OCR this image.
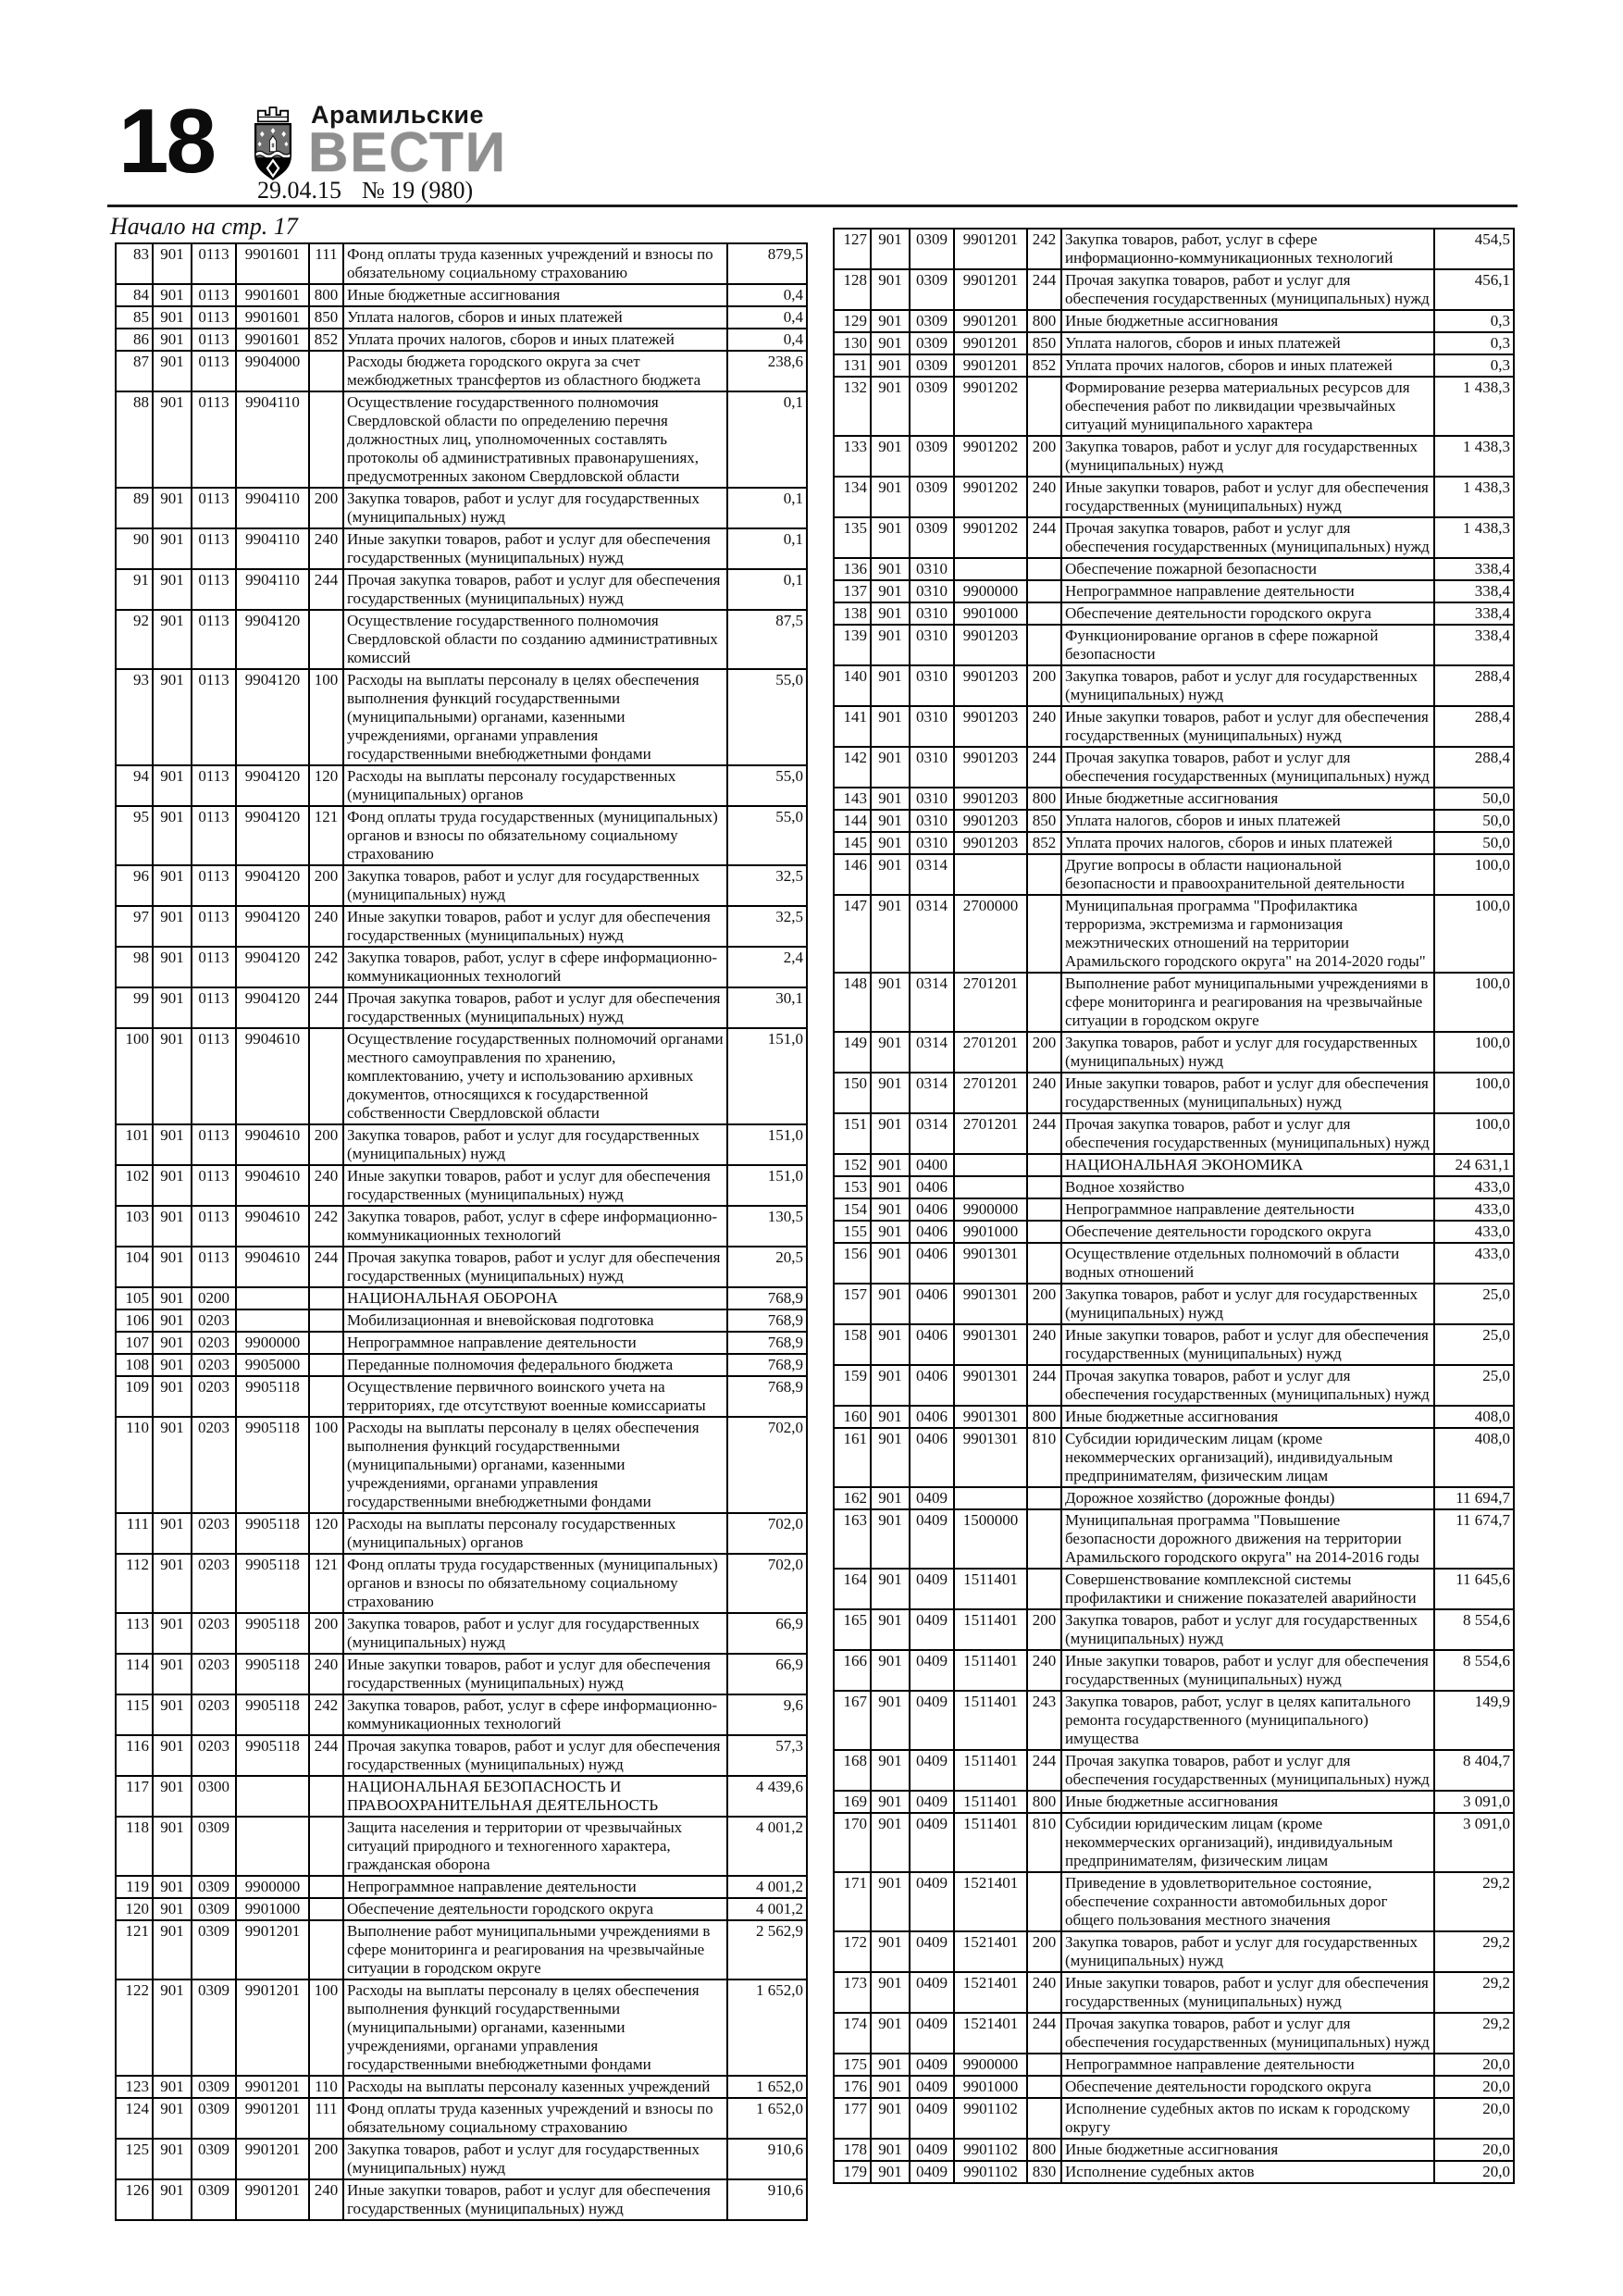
18	Арамильские
ВЕСТИ
29.04.15 № 19 (980)
Начало на стр. 17
83	901	0113	9901601	111	Фонд оплаты труда казенных учреждений и взносы по обязательному социальному страхованию	879,5
84	901	0113	9901601	800	Иные бюджетные ассигнования	0,4
85	901	0113	9901601	850	Уплата налогов, сборов и иных платежей	0,4
86	901	0113	9901601	852	Уплата прочих налогов, сборов и иных платежей	0,4
87	901	0113	9904000		Расходы бюджета городского округа за счет межбюджетных трансфертов из областного бюджета	238,6
88	901	0113	9904110		Осуществление государственного полномочия Свердловской области по определению перечня должностных лиц, уполномоченных составлять протоколы об административных правонарушениях, предусмотренных законом Свердловской области	0,1
89	901	0113	9904110	200	Закупка товаров, работ и услуг для государственных (муниципальных) нужд	0,1
90	901	0113	9904110	240	Иные закупки товаров, работ и услуг для обеспечения государственных (муниципальных) нужд	0,1
91	901	0113	9904110	244	Прочая закупка товаров, работ и услуг для обеспечения государственных (муниципальных) нужд	0,1
92	901	0113	9904120		Осуществление государственного полномочия Свердловской области по созданию административных комиссий	87,5
93	901	0113	9904120	100	Расходы на выплаты персоналу в целях обеспечения выполнения функций государственными (муниципальными) органами, казенными учреждениями, органами управления государственными внебюджетными фондами	55,0
94	901	0113	9904120	120	Расходы на выплаты персоналу государственных (муниципальных) органов	55,0
95	901	0113	9904120	121	Фонд оплаты труда государственных (муниципальных) органов и взносы по обязательному социальному страхованию	55,0
96	901	0113	9904120	200	Закупка товаров, работ и услуг для государственных (муниципальных) нужд	32,5
97	901	0113	9904120	240	Иные закупки товаров, работ и услуг для обеспечения государственных (муниципальных) нужд	32,5
98	901	0113	9904120	242	Закупка товаров, работ, услуг в сфере информационно-коммуникационных технологий	2,4
99	901	0113	9904120	244	Прочая закупка товаров, работ и услуг для обеспечения государственных (муниципальных) нужд	30,1
100	901	0113	9904610		Осуществление государственных полномочий органами местного самоуправления по хранению, комплектованию, учету и использованию архивных документов, относящихся к государственной собственности Свердловской области	151,0
101	901	0113	9904610	200	Закупка товаров, работ и услуг для государственных (муниципальных) нужд	151,0
102	901	0113	9904610	240	Иные закупки товаров, работ и услуг для обеспечения государственных (муниципальных) нужд	151,0
103	901	0113	9904610	242	Закупка товаров, работ, услуг в сфере информационно-коммуникационных технологий	130,5
104	901	0113	9904610	244	Прочая закупка товаров, работ и услуг для обеспечения государственных (муниципальных) нужд	20,5
105	901	0200			НАЦИОНАЛЬНАЯ ОБОРОНА	768,9
106	901	0203			Мобилизационная и вневойсковая подготовка	768,9
107	901	0203	9900000		Непрограммное направление деятельности	768,9
108	901	0203	9905000		Переданные полномочия федерального бюджета	768,9
109	901	0203	9905118		Осуществление первичного воинского учета на территориях, где отсутствуют военные комиссариаты	768,9
110	901	0203	9905118	100	Расходы на выплаты персоналу в целях обеспечения выполнения функций государственными (муниципальными) органами, казенными учреждениями, органами управления государственными внебюджетными фондами	702,0
111	901	0203	9905118	120	Расходы на выплаты персоналу государственных (муниципальных) органов	702,0
112	901	0203	9905118	121	Фонд оплаты труда государственных (муниципальных) органов и взносы по обязательному социальному страхованию	702,0
113	901	0203	9905118	200	Закупка товаров, работ и услуг для государственных (муниципальных) нужд	66,9
114	901	0203	9905118	240	Иные закупки товаров, работ и услуг для обеспечения государственных (муниципальных) нужд	66,9
115	901	0203	9905118	242	Закупка товаров, работ, услуг в сфере информационно-коммуникационных технологий	9,6
116	901	0203	9905118	244	Прочая закупка товаров, работ и услуг для обеспечения государственных (муниципальных) нужд	57,3
117	901	0300			НАЦИОНАЛЬНАЯ БЕЗОПАСНОСТЬ И ПРАВООХРАНИТЕЛЬНАЯ ДЕЯТЕЛЬНОСТЬ	4 439,6
118	901	0309			Защита населения и территории от чрезвычайных ситуаций природного и техногенного характера, гражданская оборона	4 001,2
119	901	0309	9900000		Непрограммное направление деятельности	4 001,2
120	901	0309	9901000		Обеспечение деятельности городского округа	4 001,2
121	901	0309	9901201		Выполнение работ муниципальными учреждениями в сфере мониторинга и реагирования на чрезвычайные ситуации в городском округе	2 562,9
122	901	0309	9901201	100	Расходы на выплаты персоналу в целях обеспечения выполнения функций государственными (муниципальными) органами, казенными учреждениями, органами управления государственными внебюджетными фондами	1 652,0
123	901	0309	9901201	110	Расходы на выплаты персоналу казенных учреждений	1 652,0
124	901	0309	9901201	111	Фонд оплаты труда казенных учреждений и взносы по обязательному социальному страхованию	1 652,0
125	901	0309	9901201	200	Закупка товаров, работ и услуг для государственных (муниципальных) нужд	910,6
126	901	0309	9901201	240	Иные закупки товаров, работ и услуг для обеспечения государственных (муниципальных) нужд	910,6
127	901	0309	9901201	242	Закупка товаров, работ, услуг в сфере информационно-коммуникационных технологий	454,5
128	901	0309	9901201	244	Прочая закупка товаров, работ и услуг для обеспечения государственных (муниципальных) нужд	456,1
129	901	0309	9901201	800	Иные бюджетные ассигнования	0,3
130	901	0309	9901201	850	Уплата налогов, сборов и иных платежей	0,3
131	901	0309	9901201	852	Уплата прочих налогов, сборов и иных платежей	0,3
132	901	0309	9901202		Формирование резерва материальных ресурсов для обеспечения работ по ликвидации чрезвычайных ситуаций муниципального характера	1 438,3
133	901	0309	9901202	200	Закупка товаров, работ и услуг для государственных (муниципальных) нужд	1 438,3
134	901	0309	9901202	240	Иные закупки товаров, работ и услуг для обеспечения государственных (муниципальных) нужд	1 438,3
135	901	0309	9901202	244	Прочая закупка товаров, работ и услуг для обеспечения государственных (муниципальных) нужд	1 438,3
136	901	0310			Обеспечение пожарной безопасности	338,4
137	901	0310	9900000		Непрограммное направление деятельности	338,4
138	901	0310	9901000		Обеспечение деятельности городского округа	338,4
139	901	0310	9901203		Функционирование органов в сфере пожарной безопасности	338,4
140	901	0310	9901203	200	Закупка товаров, работ и услуг для государственных (муниципальных) нужд	288,4
141	901	0310	9901203	240	Иные закупки товаров, работ и услуг для обеспечения государственных (муниципальных) нужд	288,4
142	901	0310	9901203	244	Прочая закупка товаров, работ и услуг для обеспечения государственных (муниципальных) нужд	288,4
143	901	0310	9901203	800	Иные бюджетные ассигнования	50,0
144	901	0310	9901203	850	Уплата налогов, сборов и иных платежей	50,0
145	901	0310	9901203	852	Уплата прочих налогов, сборов и иных платежей	50,0
146	901	0314			Другие вопросы в области национальной безопасности и правоохранительной деятельности	100,0
147	901	0314	2700000		Муниципальная программа "Профилактика терроризма, экстремизма и гармонизация межэтнических отношений на территории Арамильского городского округа" на 2014-2020 годы"	100,0
148	901	0314	2701201		Выполнение работ муниципальными учреждениями в сфере мониторинга и реагирования на чрезвычайные ситуации в городском округе	100,0
149	901	0314	2701201	200	Закупка товаров, работ и услуг для государственных (муниципальных) нужд	100,0
150	901	0314	2701201	240	Иные закупки товаров, работ и услуг для обеспечения государственных (муниципальных) нужд	100,0
151	901	0314	2701201	244	Прочая закупка товаров, работ и услуг для обеспечения государственных (муниципальных) нужд	100,0
152	901	0400			НАЦИОНАЛЬНАЯ ЭКОНОМИКА	24 631,1
153	901	0406			Водное хозяйство	433,0
154	901	0406	9900000		Непрограммное направление деятельности	433,0
155	901	0406	9901000		Обеспечение деятельности городского округа	433,0
156	901	0406	9901301		Осуществление отдельных полномочий в области водных отношений	433,0
157	901	0406	9901301	200	Закупка товаров, работ и услуг для государственных (муниципальных) нужд	25,0
158	901	0406	9901301	240	Иные закупки товаров, работ и услуг для обеспечения государственных (муниципальных) нужд	25,0
159	901	0406	9901301	244	Прочая закупка товаров, работ и услуг для обеспечения государственных (муниципальных) нужд	25,0
160	901	0406	9901301	800	Иные бюджетные ассигнования	408,0
161	901	0406	9901301	810	Субсидии юридическим лицам (кроме некоммерческих организаций), индивидуальным предпринимателям, физическим лицам	408,0
162	901	0409			Дорожное хозяйство (дорожные фонды)	11 694,7
163	901	0409	1500000		Муниципальная программа "Повышение безопасности дорожного движения на территории Арамильского городского округа" на 2014-2016 годы	11 674,7
164	901	0409	1511401		Совершенствование комплексной системы профилактики и снижение показателей аварийности	11 645,6
165	901	0409	1511401	200	Закупка товаров, работ и услуг для государственных (муниципальных) нужд	8 554,6
166	901	0409	1511401	240	Иные закупки товаров, работ и услуг для обеспечения государственных (муниципальных) нужд	8 554,6
167	901	0409	1511401	243	Закупка товаров, работ, услуг в целях капитального ремонта государственного (муниципального) имущества	149,9
168	901	0409	1511401	244	Прочая закупка товаров, работ и услуг для обеспечения государственных (муниципальных) нужд	8 404,7
169	901	0409	1511401	800	Иные бюджетные ассигнования	3 091,0
170	901	0409	1511401	810	Субсидии юридическим лицам (кроме некоммерческих организаций), индивидуальным предпринимателям, физическим лицам	3 091,0
171	901	0409	1521401		Приведение в удовлетворительное состояние, обеспечение сохранности автомобильных дорог общего пользования местного значения	29,2
172	901	0409	1521401	200	Закупка товаров, работ и услуг для государственных (муниципальных) нужд	29,2
173	901	0409	1521401	240	Иные закупки товаров, работ и услуг для обеспечения государственных (муниципальных) нужд	29,2
174	901	0409	1521401	244	Прочая закупка товаров, работ и услуг для обеспечения государственных (муниципальных) нужд	29,2
175	901	0409	9900000		Непрограммное направление деятельности	20,0
176	901	0409	9901000		Обеспечение деятельности городского округа	20,0
177	901	0409	9901102		Исполнение судебных актов по искам к городскому округу	20,0
178	901	0409	9901102	800	Иные бюджетные ассигнования	20,0
179	901	0409	9901102	830	Исполнение судебных актов	20,0
